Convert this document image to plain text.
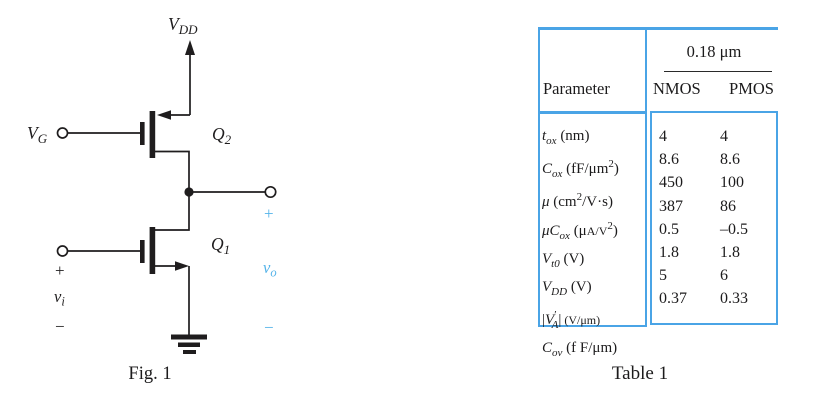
$V_{DD}$
$V_G$	$Q_2$
$Q_1$
+
$v_i$
−
+
$v_o$
−
Fig. 1
0.18 μm
Parameter	NMOS PMOS
$t_{ox}$ (nm)
$C_{ox}$ $(fF/\mu m^2)$
μ $(cm^2/V\cdot s)$
$\mu C_{ox}$ $(\mu A/V^2)$
$V_{t0}$ (V)
$V_{DD}$ (V)
$|V'_A|$ (V/μm)
$C_{ov}$ (f F/μm)
4
8.6
450
387
0.5
1.8
5
0.37
4
8.6
100
86
–0.5
1.8
6
0.33
Table 1
